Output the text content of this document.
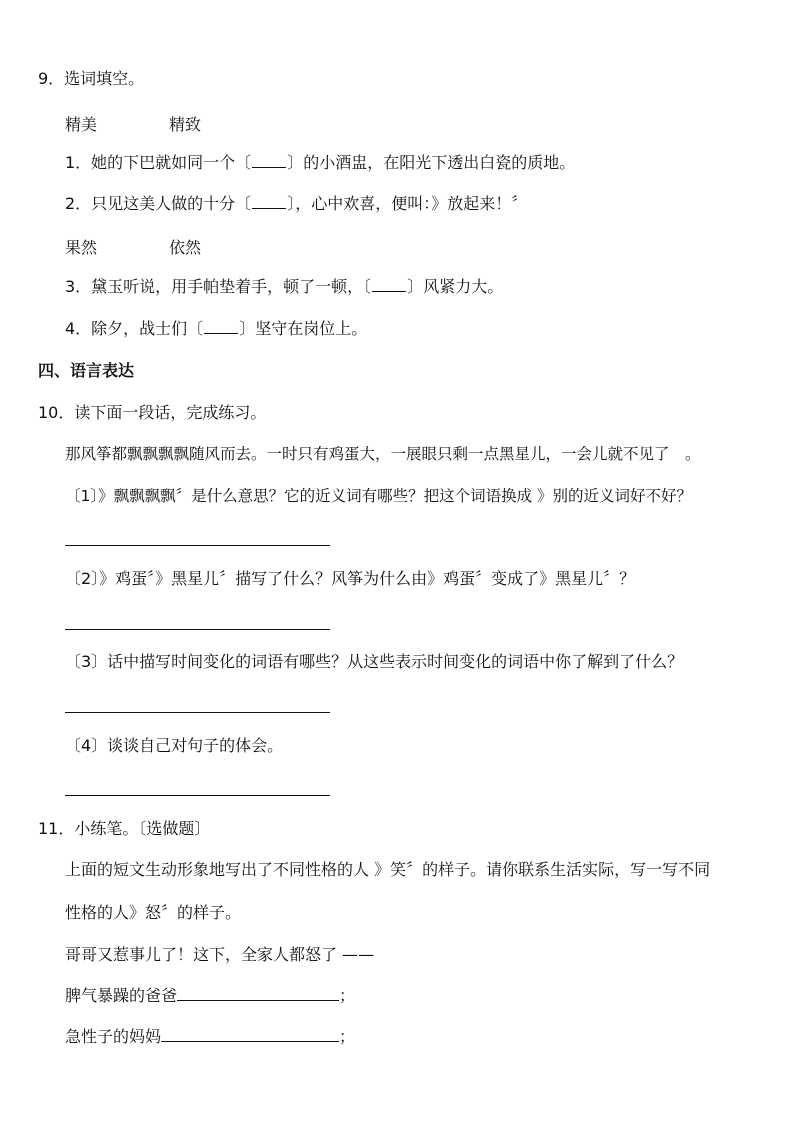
9．选词填空。
精美	精致
1．她的下巴就如同一个〔 〕的小酒盅，在阳光下透出白瓷的质地。
2．只见这美人做的十分〔 〕，心中欢喜，便叫：》放起来！〞
果然	依然
3．黛玉听说，用手帕垫着手，顿了一顿，〔 〕风紧力大。
4．除夕，战士们〔 〕坚守在岗位上。
四、语言表达
10．读下面一段话，完成练习。
那风筝都飘飘飘飘随风而去。一时只有鸡蛋大，一展眼只剩一点黑星儿，一会儿就不见了　。
〔1〕》飘飘飘飘〞是什么意思？它的近义词有哪些？把这个词语换成 》别的近义词好不好？
〔2〕》鸡蛋〞》黑星儿〞描写了什么？风筝为什么由》鸡蛋〞变成了》黑星儿〞？
〔3〕话中描写时间变化的词语有哪些？从这些表示时间变化的词语中你了解到了什么？
〔4〕谈谈自己对句子的体会。
11．小练笔。〔选做题〕
上面的短文生动形象地写出了不同性格的人 》笑〞的样子。请你联系生活实际，写一写不同
性格的人》怒〞的样子。
哥哥又惹事儿了！这下，全家人都怒了 ——
脾气暴躁的爸爸	；
急性子的妈妈	；
